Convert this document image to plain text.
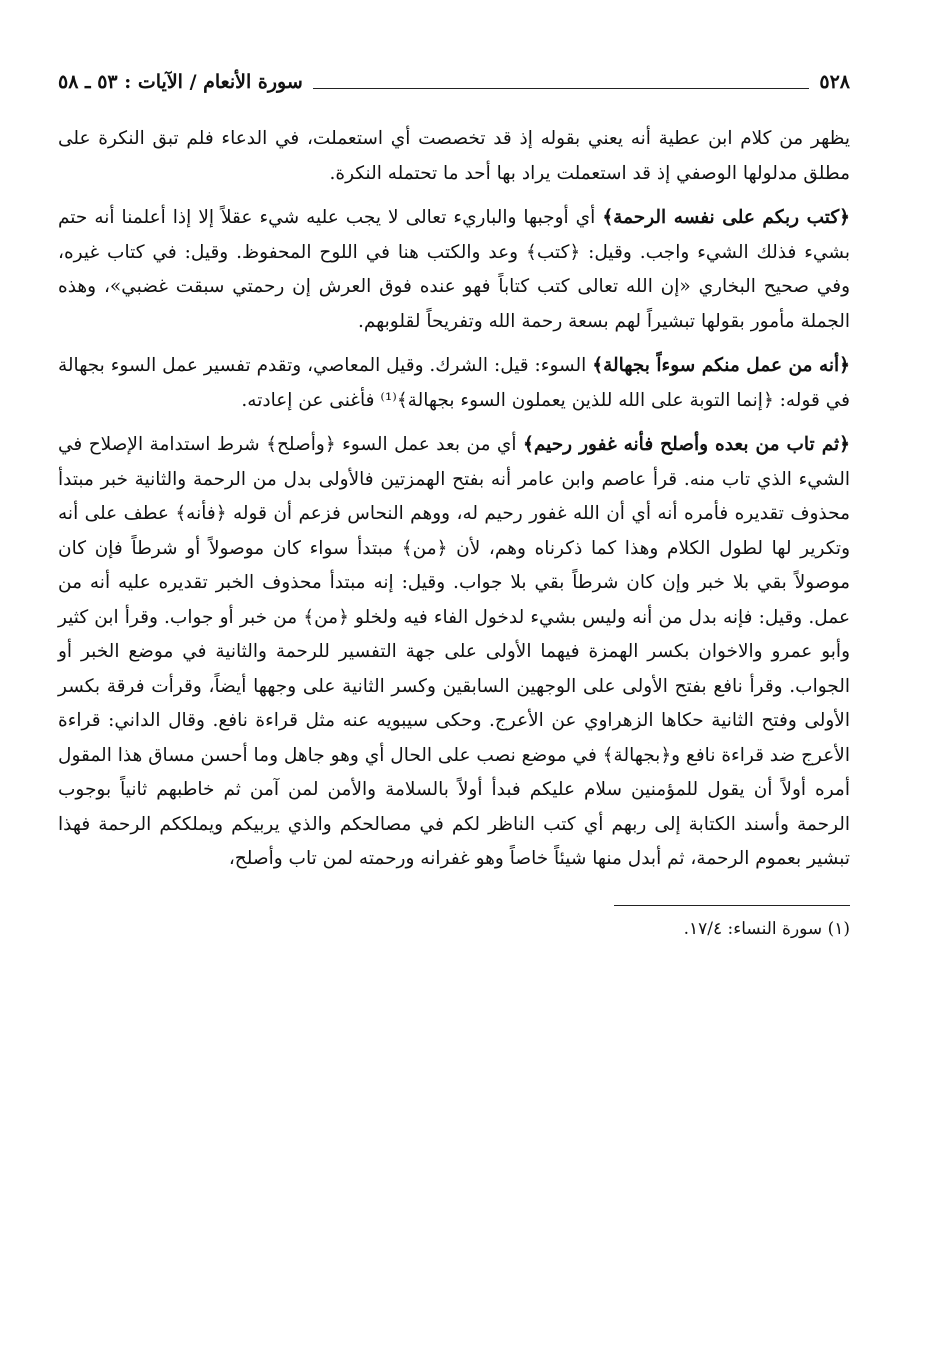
٥٢٨
سورة الأنعام / الآيات : ٥٣ ـ ٥٨

يظهر من كلام ابن عطية أنه يعني بقوله إذ قد تخصصت أي استعملت، في الدعاء فلم تبق النكرة على مطلق مدلولها الوصفي إذ قد استعملت يراد بها أحد ما تحتمله النكرة.

﴿كتب ربكم على نفسه الرحمة﴾ أي أوجبها والباريء تعالى لا يجب عليه شيء عقلاً إلا إذا أعلمنا أنه حتم بشيء فذلك الشيء واجب. وقيل: ﴿كتب﴾ وعد والكتب هنا في اللوح المحفوظ. وقيل: في كتاب غيره، وفي صحيح البخاري «إن الله تعالى كتب كتاباً فهو عنده فوق العرش إن رحمتي سبقت غضبي»، وهذه الجملة مأمور بقولها تبشيراً لهم بسعة رحمة الله وتفريحاً لقلوبهم.

﴿أنه من عمل منكم سوءاً بجهالة﴾ السوء: قيل: الشرك. وقيل المعاصي، وتقدم تفسير عمل السوء بجهالة في قوله: ﴿إنما التوبة على الله للذين يعملون السوء بجهالة﴾⁽¹⁾ فأغنى عن إعادته.

﴿ثم تاب من بعده وأصلح فأنه غفور رحيم﴾ أي من بعد عمل السوء ﴿وأصلح﴾ شرط استدامة الإصلاح في الشيء الذي تاب منه. قرأ عاصم وابن عامر أنه بفتح الهمزتين فالأولى بدل من الرحمة والثانية خبر مبتدأ محذوف تقديره فأمره أنه أي أن الله غفور رحيم له، ووهم النحاس فزعم أن قوله ﴿فأنه﴾ عطف على أنه وتكرير لها لطول الكلام وهذا كما ذكرناه وهم، لأن ﴿من﴾ مبتدأ سواء كان موصولاً أو شرطاً فإن كان موصولاً بقي بلا خبر وإن كان شرطاً بقي بلا جواب. وقيل: إنه مبتدأ محذوف الخبر تقديره عليه أنه من عمل. وقيل: فإنه بدل من أنه وليس بشيء لدخول الفاء فيه ولخلو ﴿من﴾ من خبر أو جواب. وقرأ ابن كثير وأبو عمرو والاخوان بكسر الهمزة فيهما الأولى على جهة التفسير للرحمة والثانية في موضع الخبر أو الجواب. وقرأ نافع بفتح الأولى على الوجهين السابقين وكسر الثانية على وجهها أيضاً، وقرأت فرقة بكسر الأولى وفتح الثانية حكاها الزهراوي عن الأعرج. وحكى سيبويه عنه مثل قراءة نافع. وقال الداني: قراءة الأعرج ضد قراءة نافع و﴿بجهالة﴾ في موضع نصب على الحال أي وهو جاهل وما أحسن مساق هذا المقول أمره أولاً أن يقول للمؤمنين سلام عليكم فبدأ أولاً بالسلامة والأمن لمن آمن ثم خاطبهم ثانياً بوجوب الرحمة وأسند الكتابة إلى ربهم أي كتب الناظر لكم في مصالحكم والذي يربيكم ويملككم الرحمة فهذا تبشير بعموم الرحمة، ثم أبدل منها شيئاً خاصاً وهو غفرانه ورحمته لمن تاب وأصلح،

(١) سورة النساء: ١٧/٤.
